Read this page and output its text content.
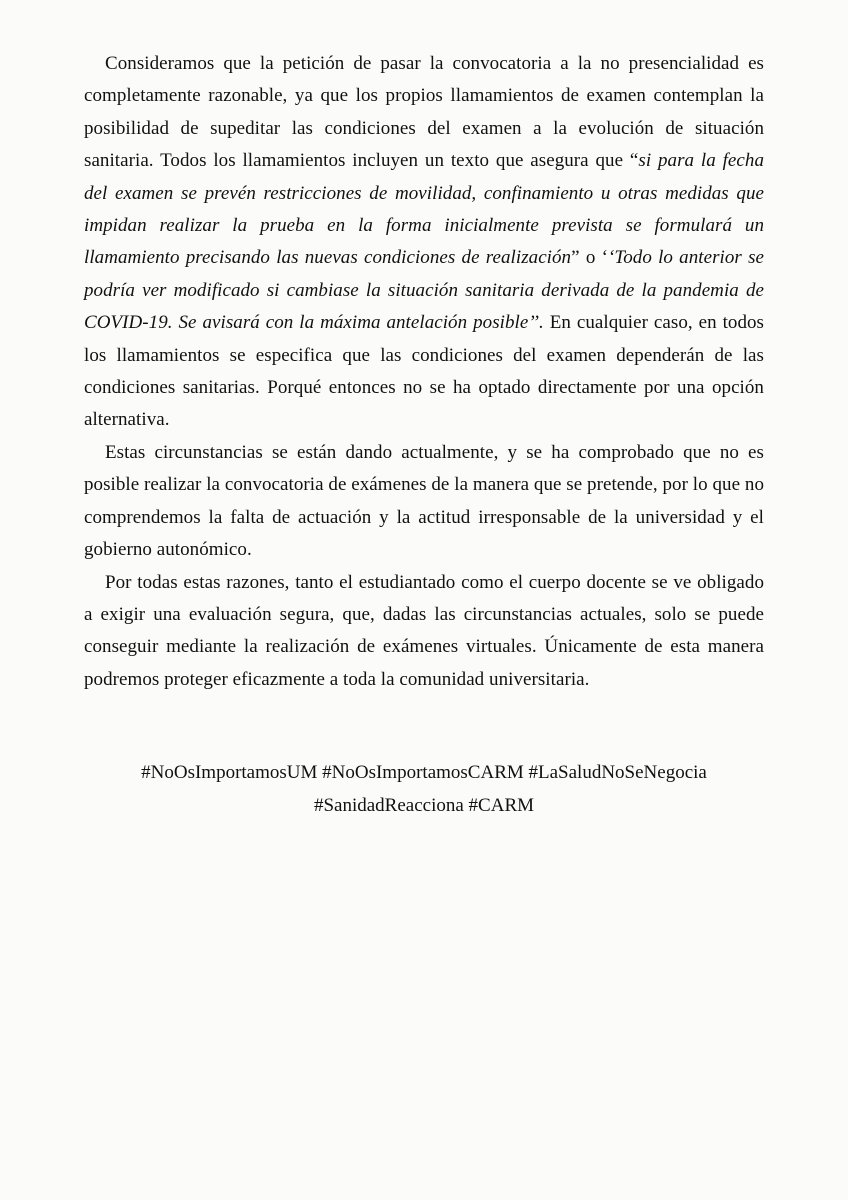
Consideramos que la petición de pasar la convocatoria a la no presencialidad es completamente razonable, ya que los propios llamamientos de examen contemplan la posibilidad de supeditar las condiciones del examen a la evolución de situación sanitaria. Todos los llamamientos incluyen un texto que asegura que “si para la fecha del examen se prevén restricciones de movilidad, confinamiento u otras medidas que impidan realizar la prueba en la forma inicialmente prevista se formulará un llamamiento precisando las nuevas condiciones de realización” o ‘‘Todo lo anterior se podría ver modificado si cambiase la situación sanitaria derivada de la pandemia de COVID-19. Se avisará con la máxima antelación posible’’. En cualquier caso, en todos los llamamientos se especifica que las condiciones del examen dependerán de las condiciones sanitarias. Porqué entonces no se ha optado directamente por una opción alternativa.

Estas circunstancias se están dando actualmente, y se ha comprobado que no es posible realizar la convocatoria de exámenes de la manera que se pretende, por lo que no comprendemos la falta de actuación y la actitud irresponsable de la universidad y el gobierno autonómico.

Por todas estas razones, tanto el estudiantado como el cuerpo docente se ve obligado a exigir una evaluación segura, que, dadas las circunstancias actuales, solo se puede conseguir mediante la realización de exámenes virtuales. Únicamente de esta manera podremos proteger eficazmente a toda la comunidad universitaria.

#NoOsImportamosUM #NoOsImportamosCARM #LaSaludNoSeNegocia
#SanidadReacciona #CARM
